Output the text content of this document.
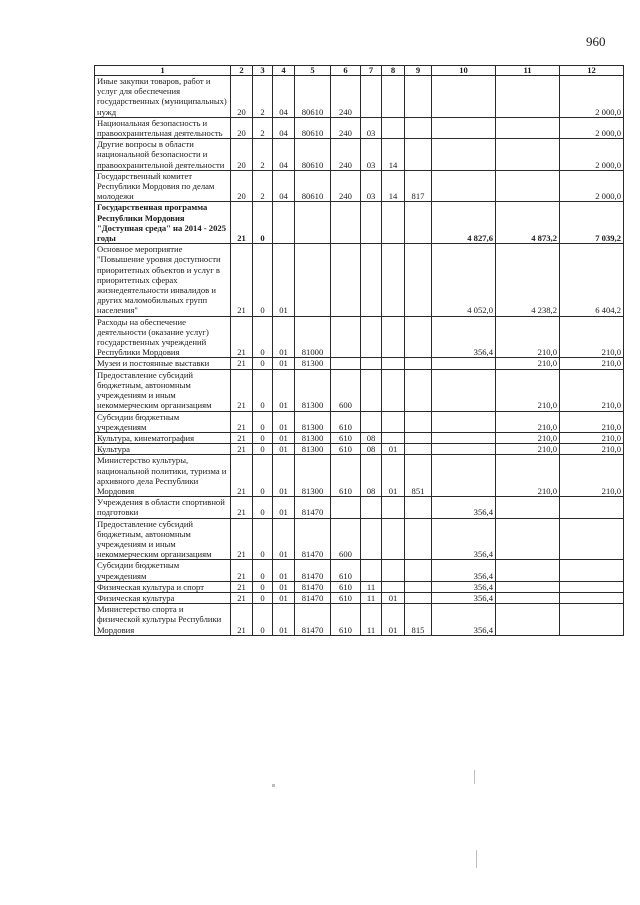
960
1	2	3	4	5	6	7	8	9	10	11	12
Иные закупки товаров, работ и услуг для обеспечения государственных (муниципальных) нужд	20	2	04	80610	240						2 000,0
Национальная безопасность и правоохранительная деятельность	20	2	04	80610	240	03					2 000,0
Другие вопросы в области национальной безопасности и правоохранительной деятельности	20	2	04	80610	240	03	14				2 000,0
Государственный комитет Республики Мордовия по делам молодежи	20	2	04	80610	240	03	14	817			2 000,0
Государственная программа Республики Мордовия "Доступная среда" на 2014 - 2025 годы	21	0							4 827,6	4 873,2	7 039,2
Основное мероприятие "Повышение уровня доступности приоритетных объектов и услуг в приоритетных сферах жизнедеятельности инвалидов и других маломобильных групп населения"	21	0	01						4 052,0	4 238,2	6 404,2
Расходы на обеспечение деятельности (оказание услуг) государственных учреждений Республики Мордовия	21	0	01	81000					356,4	210,0	210,0
Музеи и постоянные выставки	21	0	01	81300						210,0	210,0
Предоставление субсидий бюджетным, автономным учреждениям и иным некоммерческим организациям	21	0	01	81300	600					210,0	210,0
Субсидии бюджетным учреждениям	21	0	01	81300	610					210,0	210,0
Культура, кинематография	21	0	01	81300	610	08				210,0	210,0
Культура	21	0	01	81300	610	08	01			210,0	210,0
Министерство культуры, национальной политики, туризма и архивного дела Республики Мордовия	21	0	01	81300	610	08	01	851		210,0	210,0
Учреждения в области спортивной подготовки	21	0	01	81470					356,4		
Предоставление субсидий бюджетным, автономным учреждениям и иным некоммерческим организациям	21	0	01	81470	600				356,4		
Субсидии бюджетным учреждениям	21	0	01	81470	610				356,4		
Физическая культура и спорт	21	0	01	81470	610	11			356,4		
Физическая культура	21	0	01	81470	610	11	01		356,4		
Министерство спорта и физической культуры Республики Мордовия	21	0	01	81470	610	11	01	815	356,4		
